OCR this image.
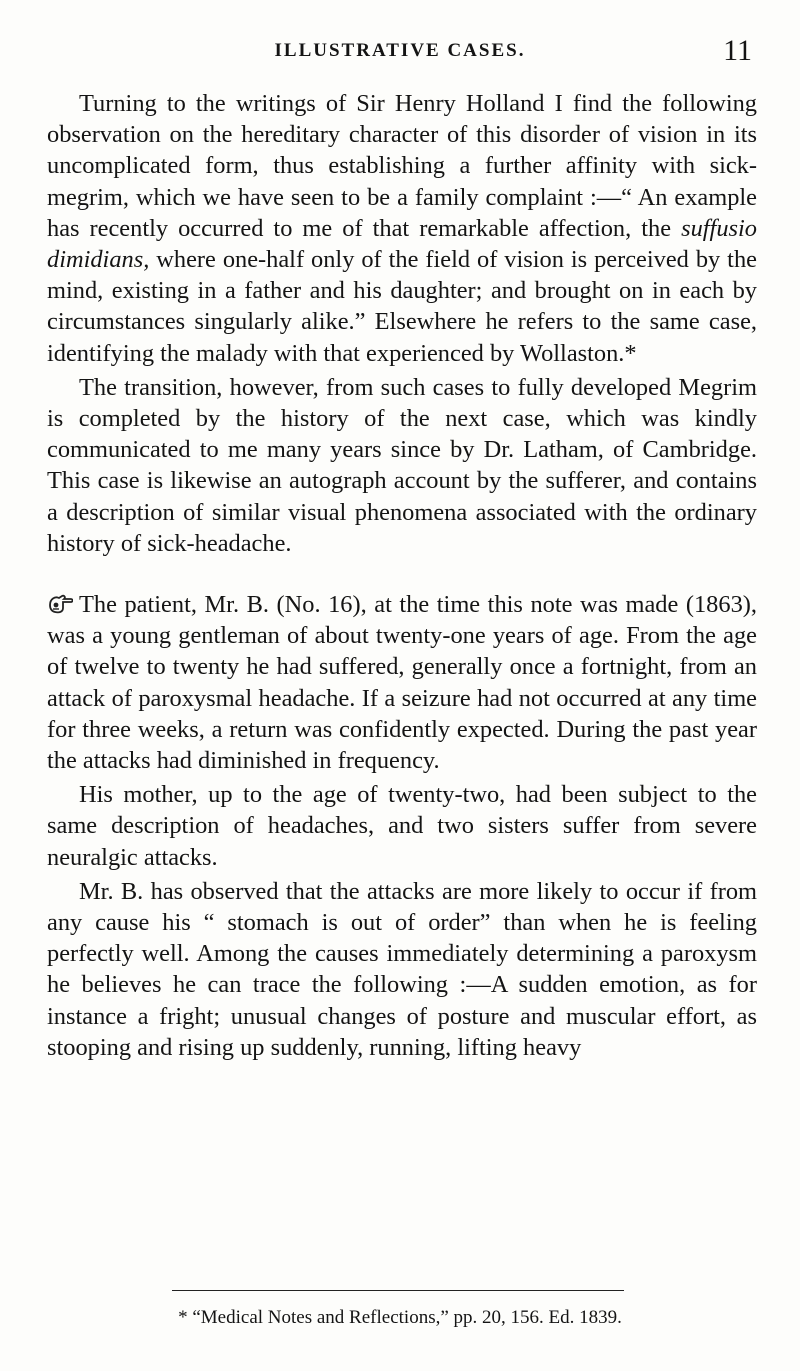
ILLUSTRATIVE CASES.	11

Turning to the writings of Sir Henry Holland I find the following observation on the hereditary character of this disorder of vision in its uncomplicated form, thus establishing a further affinity with sick-megrim, which we have seen to be a family complaint :—“ An example has recently occurred to me of that remarkable affection, the suffusio dimidians, where one-half only of the field of vision is perceived by the mind, existing in a father and his daughter; and brought on in each by circumstances singularly alike.” Elsewhere he refers to the same case, identifying the malady with that experienced by Wollaston.*

The transition, however, from such cases to fully developed Megrim is completed by the history of the next case, which was kindly communicated to me many years since by Dr. Latham, of Cambridge. This case is likewise an autograph account by the sufferer, and contains a description of similar visual phenomena associated with the ordinary history of sick-headache.

The patient, Mr. B. (No. 16), at the time this note was made (1863), was a young gentleman of about twenty-one years of age. From the age of twelve to twenty he had suffered, generally once a fortnight, from an attack of paroxysmal headache. If a seizure had not occurred at any time for three weeks, a return was confidently expected. During the past year the attacks had diminished in frequency.

His mother, up to the age of twenty-two, had been subject to the same description of headaches, and two sisters suffer from severe neuralgic attacks.

Mr. B. has observed that the attacks are more likely to occur if from any cause his “ stomach is out of order” than when he is feeling perfectly well. Among the causes immediately determining a paroxysm he believes he can trace the following :—A sudden emotion, as for instance a fright; unusual changes of posture and muscular effort, as stooping and rising up suddenly, running, lifting heavy

* “Medical Notes and Reflections,” pp. 20, 156. Ed. 1839.
